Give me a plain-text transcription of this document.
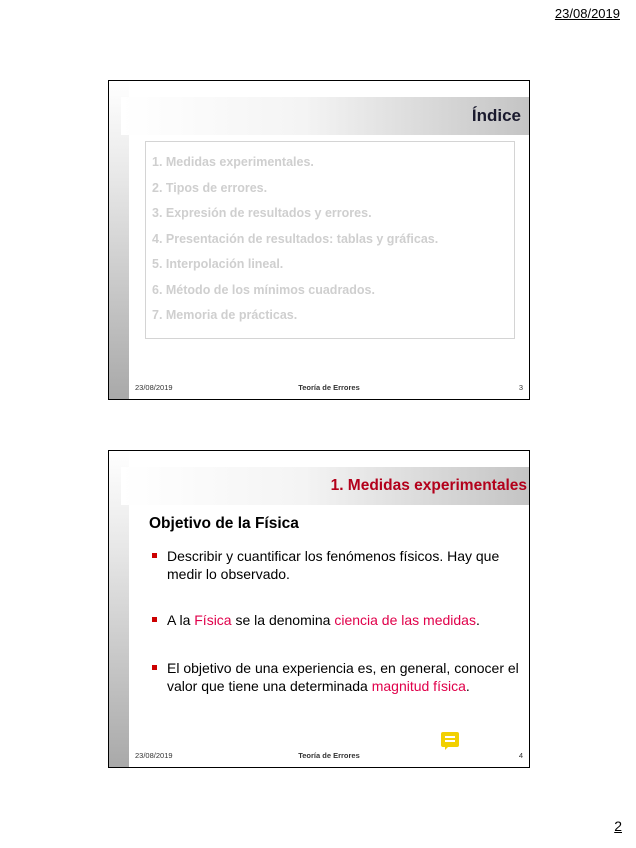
23/08/2019
Índice
1. Medidas experimentales.
2. Tipos de errores.
3. Expresión de resultados y errores.
4. Presentación de resultados: tablas y gráficas.
5. Interpolación lineal.
6. Método de los mínimos cuadrados.
7. Memoria de prácticas.
23/08/2019	Teoría de Errores	3
1. Medidas experimentales
Objetivo de la Física
Describir y cuantificar los fenómenos físicos. Hay que medir lo observado.
A la Física se la denomina ciencia de las medidas.
El objetivo de una experiencia es, en general, conocer el valor que tiene una determinada magnitud física.
23/08/2019	Teoría de Errores	4
2
